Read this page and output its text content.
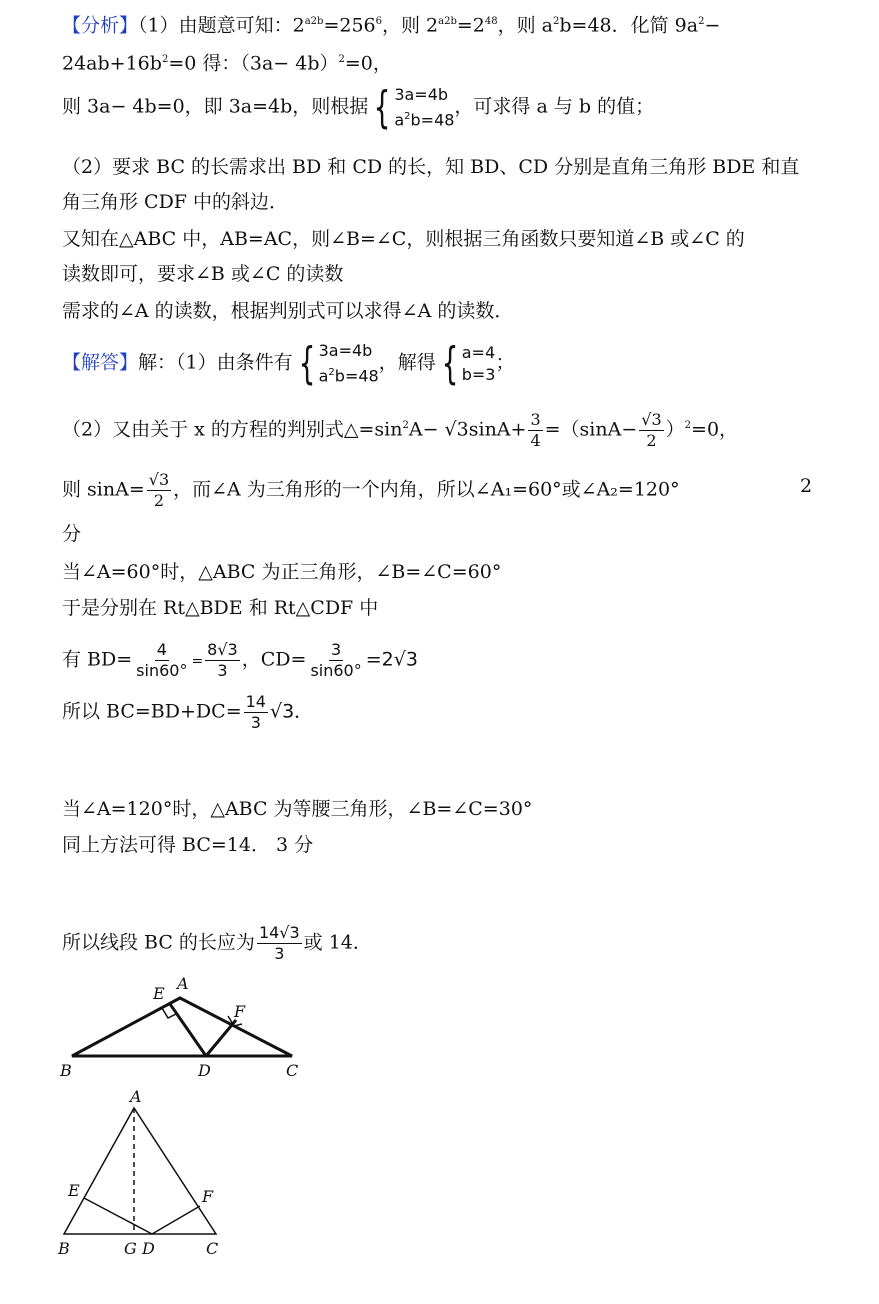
【分析】（1）由题意可知：$2^{a2b}=256^6$，则 $2^{a2b}=2^{48}$，则 $a^2b=48$．化简 $9a^2-$
$24ab+16b^2=0$ 得：$(3a- 4b)^2=0$，
则 3a− 4b=0，即 3a=4b，则根据 { 3a=4b
$a^2b=48$
，可求得 a 与 b 的值；
（2）要求 BC 的长需求出 BD 和 CD 的长，知 BD、CD 分别是直角三角形 BDE 和直
角三角形 CDF 中的斜边．
又知在△ABC 中，AB=AC，则∠B=∠C，则根据三角函数只要知道∠B 或∠C 的
读数即可，要求∠B 或∠C 的读数
需求的∠A 的读数，根据判别式可以求得∠A 的读数．
【解答】解：（1）由条件有 { 3a=4b
$a^2b=48$
，解得 { a=4
b=3
；
（2）又由关于 x 的方程的判别式$\triangle=\sin^2A- √3\sin A+ \frac{3}{4} =(\sin A- \frac{√3}{2} )^2=0$，
则 $\sin A= \frac{√3}{2}$ ，而∠A 为三角形的一个内角，所以∠A₁=60°或∠A₂=120°	2
分
当∠A=60°时，△ABC 为正三角形，∠B=∠C=60°
于是分别在 Rt△BDE 和 Rt△CDF 中
有 $BD= \frac{4}{\sin 60^\circ} = \frac{8√3}{3}$ ，$CD= \frac{3}{\sin 60^\circ} =2√3$
所以 $BC=BD+DC= \frac{14}{3} √3$．
当∠A=120°时，△ABC 为等腰三角形，∠B=∠C=30°
同上方法可得 BC=14． 3 分
所以线段 BC 的长应为 $\frac{14√3}{3}$ 或 14．
E
A
F
B	D	C
A
E	F
B	G D	C
